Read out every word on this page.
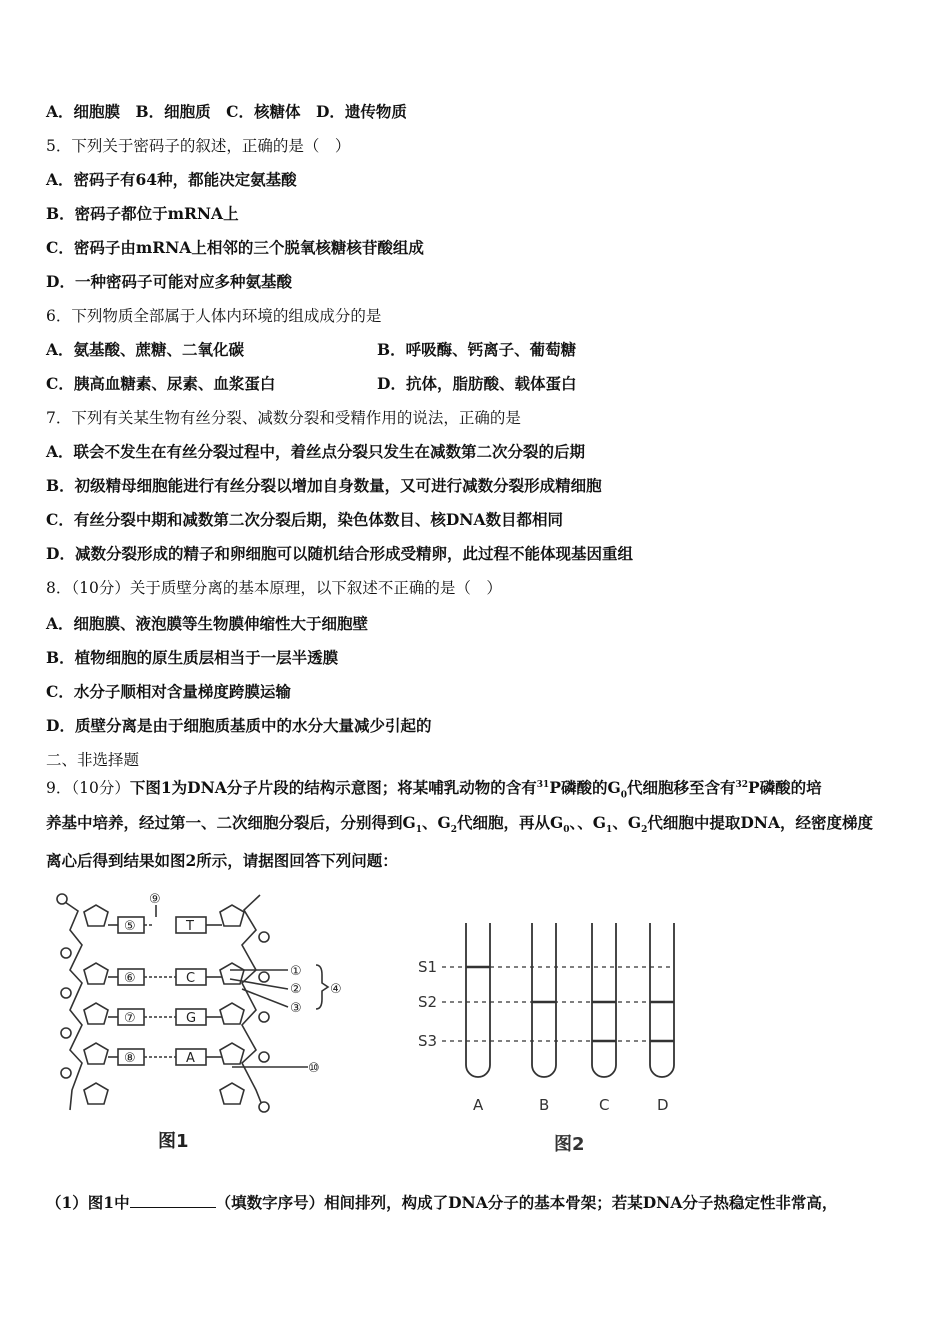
A．细胞膜　B．细胞质　C．核糖体　D．遗传物质
5．下列关于密码子的叙述，正确的是（　）
A．密码子有64种，都能决定氨基酸
B．密码子都位于mRNA上
C．密码子由mRNA上相邻的三个脱氧核糖核苷酸组成
D．一种密码子可能对应多种氨基酸
6．下列物质全部属于人体内环境的组成成分的是
A．氨基酸、蔗糖、二氧化碳	B．呼吸酶、钙离子、葡萄糖
C．胰高血糖素、尿素、血浆蛋白	D．抗体，脂肪酸、载体蛋白
7．下列有关某生物有丝分裂、减数分裂和受精作用的说法，正确的是
A．联会不发生在有丝分裂过程中，着丝点分裂只发生在减数第二次分裂的后期
B．初级精母细胞能进行有丝分裂以增加自身数量，又可进行减数分裂形成精细胞
C．有丝分裂中期和减数第二次分裂后期，染色体数目、核DNA数目都相同
D．减数分裂形成的精子和卵细胞可以随机结合形成受精卵，此过程不能体现基因重组
8．（10分）关于质壁分离的基本原理，以下叙述不正确的是（　）
A．细胞膜、液泡膜等生物膜伸缩性大于细胞壁
B．植物细胞的原生质层相当于一层半透膜
C．水分子顺相对含量梯度跨膜运输
D．质壁分离是由于细胞质基质中的水分大量减少引起的
二、非选择题
9．（10分）下图1为DNA分子片段的结构示意图；将某哺乳动物的含有$^{31}$P磷酸的$G_0$代细胞移至含有$^{32}$P磷酸的培
养基中培养，经过第一、二次细胞分裂后，分别得到$G_1$、$G_2$代细胞，再从$G_0$、、$G_1$、$G_2$代细胞中提取DNA，经密度梯度
离心后得到结果如图2所示，请据图回答下列问题：
⑤
⑥
⑦
⑧
⑨
①
②
③
④
⑩
T
C
G
A
图1
S1
S2
S3
A	B	C	D
图2
（1）图1中	（填数字序号）相间排列，构成了DNA分子的基本骨架；若某DNA分子热稳定性非常高，
